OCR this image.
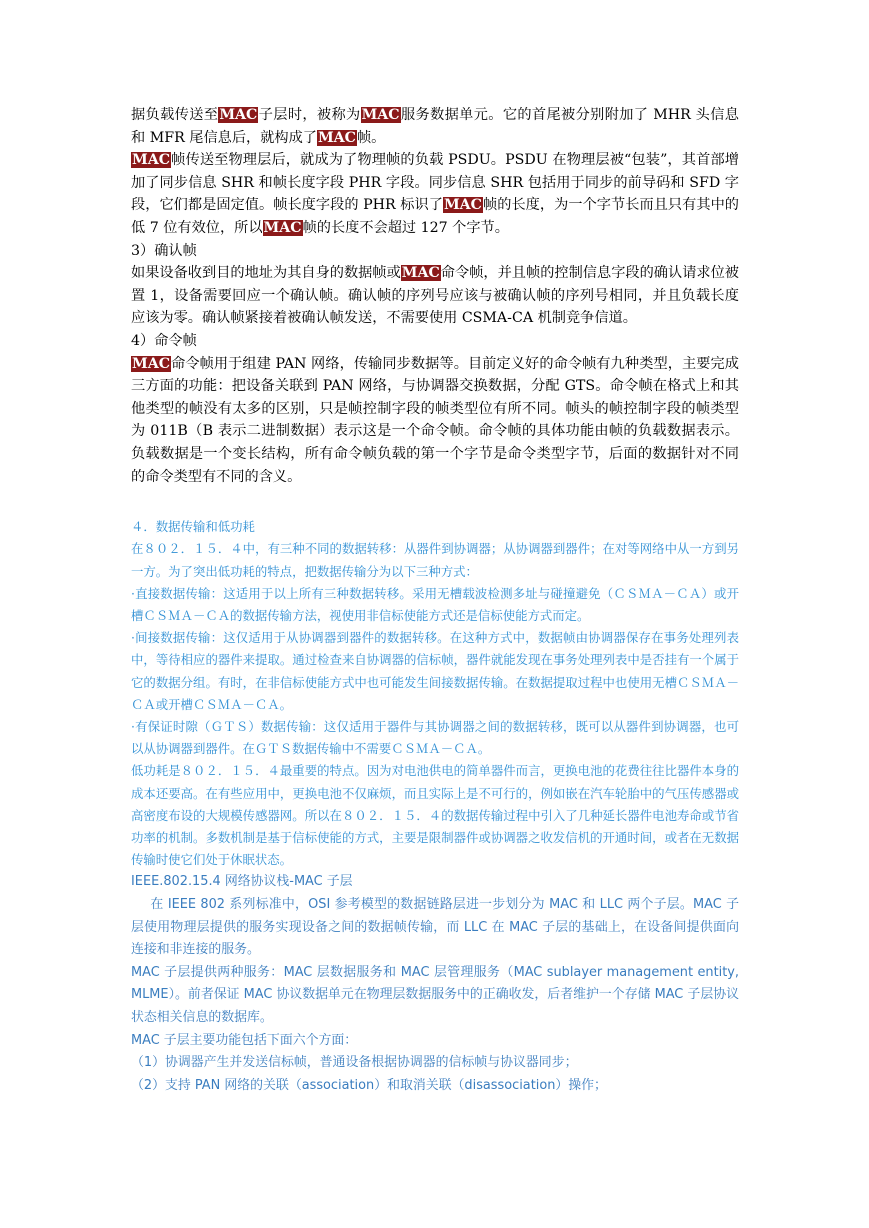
据负载传送至MAC子层时，被称为MAC服务数据单元。它的首尾被分别附加了 MHR 头信息和 MFR 尾信息后，就构成了MAC帧。

MAC帧传送至物理层后，就成为了物理帧的负载 PSDU。PSDU 在物理层被“包装”，其首部增加了同步信息 SHR 和帧长度字段 PHR 字段。同步信息 SHR 包括用于同步的前导码和 SFD 字段，它们都是固定值。帧长度字段的 PHR 标识了MAC帧的长度，为一个字节长而且只有其中的低 7 位有效位，所以MAC帧的长度不会超过 127 个字节。

3）确认帧

如果设备收到目的地址为其自身的数据帧或MAC命令帧，并且帧的控制信息字段的确认请求位被置 1，设备需要回应一个确认帧。确认帧的序列号应该与被确认帧的序列号相同，并且负载长度应该为零。确认帧紧接着被确认帧发送，不需要使用 CSMA-CA 机制竞争信道。

4）命令帧

MAC命令帧用于组建 PAN 网络，传输同步数据等。目前定义好的命令帧有九种类型，主要完成三方面的功能：把设备关联到 PAN 网络，与协调器交换数据，分配 GTS。命令帧在格式上和其他类型的帧没有太多的区别，只是帧控制字段的帧类型位有所不同。帧头的帧控制字段的帧类型为 011B（B 表示二进制数据）表示这是一个命令帧。命令帧的具体功能由帧的负载数据表示。负载数据是一个变长结构，所有命令帧负载的第一个字节是命令类型字节，后面的数据针对不同的命令类型有不同的含义。

４．数据传输和低功耗

在８０２．１５．４中，有三种不同的数据转移：从器件到协调器；从协调器到器件；在对等网络中从一方到另一方。为了突出低功耗的特点，把数据传输分为以下三种方式：

·直接数据传输：这适用于以上所有三种数据转移。采用无槽载波检测多址与碰撞避免（ＣＳＭＡ－ＣＡ）或开槽ＣＳＭＡ－ＣＡ的数据传输方法，视使用非信标使能方式还是信标使能方式而定。

·间接数据传输：这仅适用于从协调器到器件的数据转移。在这种方式中，数据帧由协调器保存在事务处理列表中，等待相应的器件来提取。通过检查来自协调器的信标帧，器件就能发现在事务处理列表中是否挂有一个属于它的数据分组。有时，在非信标使能方式中也可能发生间接数据传输。在数据提取过程中也使用无槽ＣＳＭＡ－ＣＡ或开槽ＣＳＭＡ－ＣＡ。

·有保证时隙（ＧＴＳ）数据传输：这仅适用于器件与其协调器之间的数据转移，既可以从器件到协调器，也可以从协调器到器件。在ＧＴＳ数据传输中不需要ＣＳＭＡ－ＣＡ。

低功耗是８０２．１５．４最重要的特点。因为对电池供电的简单器件而言，更换电池的花费往往比器件本身的成本还要高。在有些应用中，更换电池不仅麻烦，而且实际上是不可行的，例如嵌在汽车轮胎中的气压传感器或高密度布设的大规模传感器网。所以在８０２．１５．４的数据传输过程中引入了几种延长器件电池寿命或节省功率的机制。多数机制是基于信标使能的方式，主要是限制器件或协调器之收发信机的开通时间，或者在无数据传输时使它们处于休眠状态。

IEEE.802.15.4 网络协议栈-MAC 子层

在 IEEE 802 系列标准中，OSI 参考模型的数据链路层进一步划分为 MAC 和 LLC 两个子层。MAC 子层使用物理层提供的服务实现设备之间的数据帧传输，而 LLC 在 MAC 子层的基础上，在设备间提供面向连接和非连接的服务。

MAC 子层提供两种服务：MAC 层数据服务和 MAC 层管理服务（MAC sublayer management entity, MLME）。前者保证 MAC 协议数据单元在物理层数据服务中的正确收发，后者维护一个存储 MAC 子层协议状态相关信息的数据库。

MAC 子层主要功能包括下面六个方面：

（1）协调器产生并发送信标帧，普通设备根据协调器的信标帧与协议器同步；

（2）支持 PAN 网络的关联（association）和取消关联（disassociation）操作；
